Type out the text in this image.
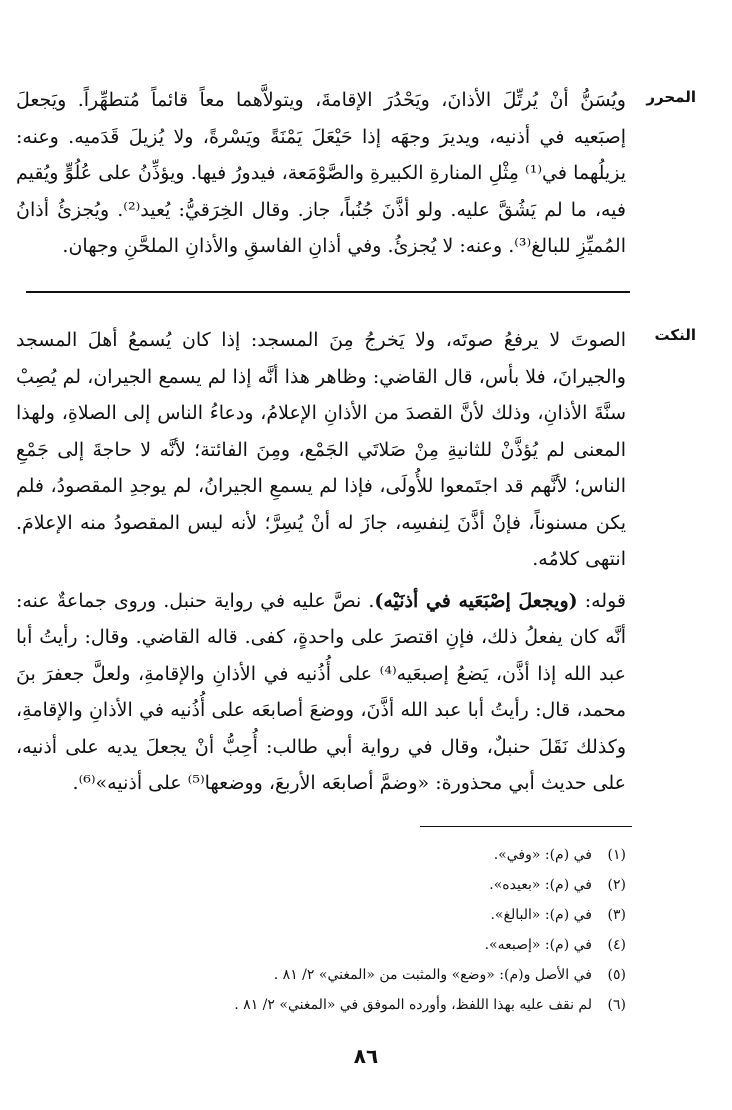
المحرر

ويُسَنُّ أنْ يُرتِّلَ الأذانَ، ويَحْدُرَ الإقامةَ، ويتولاَّهما معاً قائماً مُتطهِّراً. ويَجعلَ إصبَعيه في أذنيه، ويديرَ وجهَه إذا حَيْعَلَ يَمْنَةً ويَسْرةً، ولا يُزيلَ قَدَميه. وعنه: يزيلُهما في⁽¹⁾ مِثْلِ المنارةِ الكبيرةِ والصَّوْمَعة، فيدورُ فيها. ويؤذِّنُ على عُلُوٍّ ويُقيم فيه، ما لم يَشُقَّ عليه. ولو أذَّنَ جُنُباً، جاز. وقال الخِرَقيُّ: يُعيد⁽²⁾. ويُجزئُ أذانُ المُميِّزِ للبالغ⁽³⁾. وعنه: لا يُجزئُ. وفي أذانِ الفاسقِ والأذانِ الملحَّنِ وجهان.

النكت

الصوتَ لا يرفعُ صوتَه، ولا يَخرجُ مِنَ المسجد: إذا كان يُسمعُ أهلَ المسجد والجيرانَ، فلا بأس، قال القاضي: وظاهر هذا أنَّه إذا لم يسمع الجيران، لم يُصِبْ سنَّةَ الأذانِ، وذلك لأنَّ القصدَ من الأذانِ الإعلامُ، ودعاءُ الناس إلى الصلاةِ، ولهذا المعنى لم يُؤذَّنْ للثانيةِ مِنْ صَلاتَي الجَمْع، ومِنَ الفائتة؛ لأنَّه لا حاجةَ إلى جَمْعِ الناس؛ لأنَّهم قد اجتَمعوا للأُولَى، فإذا لم يسمعِ الجيرانُ، لم يوجدِ المقصودُ، فلم يكن مسنوناً، فإنْ أذَّنَ لِنفسِه، جازَ له أنْ يُسِرَّ؛ لأنه ليس المقصودُ منه الإعلامَ. انتهى كلامُه.

قوله: (ويجعلَ إصْبَعَيه في أذنَيْه). نصَّ عليه في رواية حنبل. وروى جماعةٌ عنه: أنَّه كان يفعلُ ذلك، فإنِ اقتصرَ على واحدةٍ، كفى. قاله القاضي. وقال: رأيتُ أبا عبد الله إذا أذَّن، يَضعُ إصبعَيه⁽⁴⁾ على أُذُنيه في الأذانِ والإقامةِ، ولعلَّ جعفرَ بنَ محمد، قال: رأيتُ أبا عبد الله أذَّنَ، ووضعَ أصابعَه على أُذُنيه في الأذانِ والإقامةِ، وكذلك نَقَلَ حنبلٌ، وقال في رواية أبي طالب: أُحِبُّ أنْ يجعلَ يديه على أذنيه، على حديث أبي محذورة: «وضمَّ أصابعَه الأربعَ، ووضعها⁽⁵⁾ على أذنيه»⁽⁶⁾.

(١)في (م): «وفي».
(٢)في (م): «بعيده».
(٣)في (م): «البالغ».
(٤)في (م): «إصبعه».
(٥)في الأصل و(م): «وضع» والمثبت من «المغني» ٢/ ٨١ .
(٦)لم نقف عليه بهذا اللفظ، وأورده الموفق في «المغني» ٢/ ٨١ .
٨٦
